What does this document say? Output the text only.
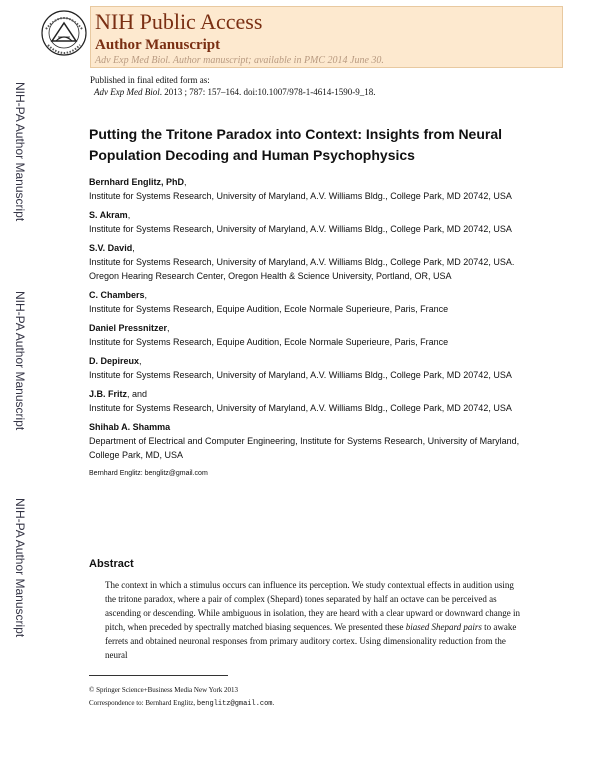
NIH Public Access
Author Manuscript
Adv Exp Med Biol. Author manuscript; available in PMC 2014 June 30.
Published in final edited form as:
Adv Exp Med Biol. 2013 ; 787: 157–164. doi:10.1007/978-1-4614-1590-9_18.
NIH-PA Author Manuscript
NIH-PA Author Manuscript
NIH-PA Author Manuscript
Putting the Tritone Paradox into Context: Insights from Neural Population Decoding and Human Psychophysics
Bernhard Englitz, PhD,
Institute for Systems Research, University of Maryland, A.V. Williams Bldg., College Park, MD 20742, USA
S. Akram,
Institute for Systems Research, University of Maryland, A.V. Williams Bldg., College Park, MD 20742, USA
S.V. David,
Institute for Systems Research, University of Maryland, A.V. Williams Bldg., College Park, MD 20742, USA. Oregon Hearing Research Center, Oregon Health & Science University, Portland, OR, USA
C. Chambers,
Institute for Systems Research, Equipe Audition, Ecole Normale Superieure, Paris, France
Daniel Pressnitzer,
Institute for Systems Research, Equipe Audition, Ecole Normale Superieure, Paris, France
D. Depireux,
Institute for Systems Research, University of Maryland, A.V. Williams Bldg., College Park, MD 20742, USA
J.B. Fritz, and
Institute for Systems Research, University of Maryland, A.V. Williams Bldg., College Park, MD 20742, USA
Shihab A. Shamma
Department of Electrical and Computer Engineering, Institute for Systems Research, University of Maryland, College Park, MD, USA
Bernhard Englitz: benglitz@gmail.com
Abstract
The context in which a stimulus occurs can influence its perception. We study contextual effects in audition using the tritone paradox, where a pair of complex (Shepard) tones separated by half an octave can be perceived as ascending or descending. While ambiguous in isolation, they are heard with a clear upward or downward change in pitch, when preceded by spectrally matched biasing sequences. We presented these biased Shepard pairs to awake ferrets and obtained neuronal responses from primary auditory cortex. Using dimensionality reduction from the neural
© Springer Science+Business Media New York 2013
Correspondence to: Bernhard Englitz, benglitz@gmail.com.
